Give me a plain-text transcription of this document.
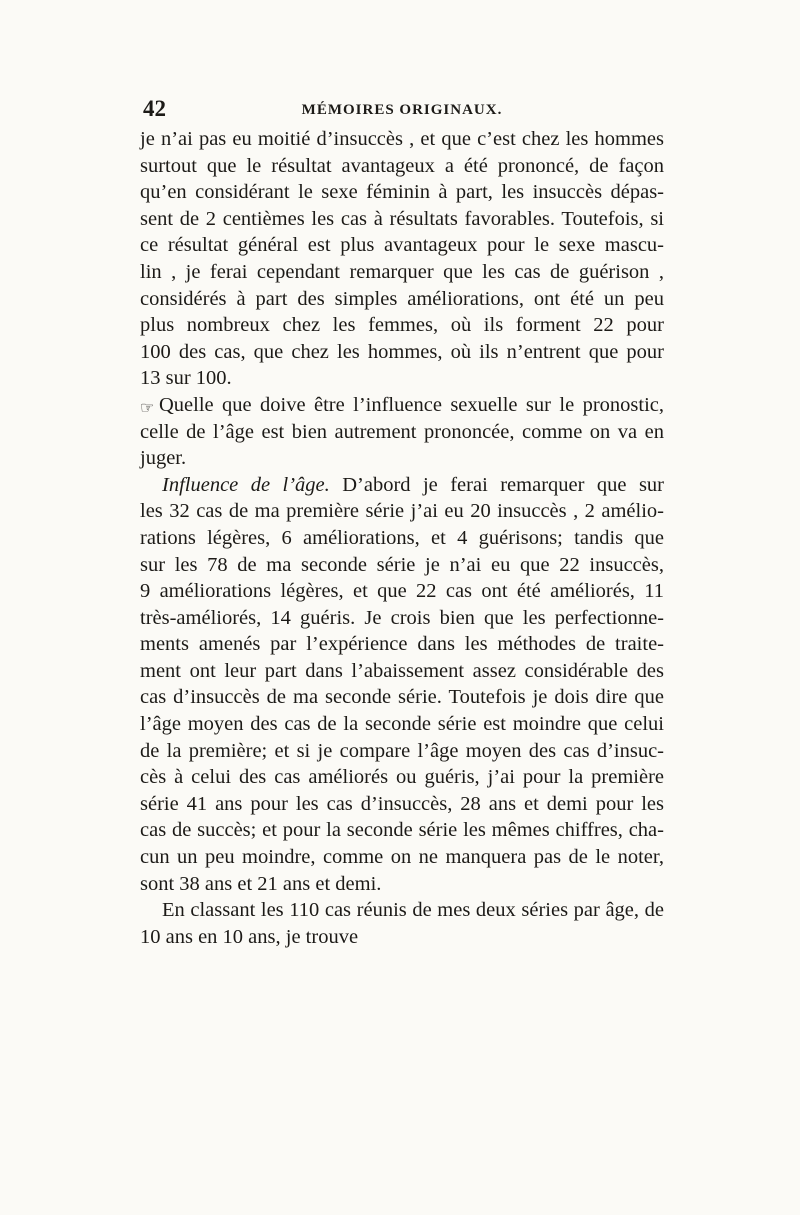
42	MÉMOIRES ORIGINAUX.
je n’ai pas eu moitié d’insuccès , et que c’est chez les hommes
surtout que le résultat avantageux a été prononcé, de façon
qu’en considérant le sexe féminin à part, les insuccès dépas-
sent de 2 centièmes les cas à résultats favorables. Toutefois, si
ce résultat général est plus avantageux pour le sexe mascu-
lin , je ferai cependant remarquer que les cas de guérison ,
considérés à part des simples améliorations, ont été un peu
plus nombreux chez les femmes, où ils forment 22 pour
100 des cas, que chez les hommes, où ils n’entrent que pour
13 sur 100.
☞ Quelle que doive être l’influence sexuelle sur le pronostic,
celle de l’âge est bien autrement prononcée, comme on va en
juger.
Influence de l’âge. D’abord je ferai remarquer que sur
les 32 cas de ma première série j’ai eu 20 insuccès , 2 amélio-
rations légères, 6 améliorations, et 4 guérisons; tandis que
sur les 78 de ma seconde série je n’ai eu que 22 insuccès,
9 améliorations légères, et que 22 cas ont été améliorés, 11
très-améliorés, 14 guéris. Je crois bien que les perfectionne-
ments amenés par l’expérience dans les méthodes de traite-
ment ont leur part dans l’abaissement assez considérable des
cas d’insuccès de ma seconde série. Toutefois je dois dire que
l’âge moyen des cas de la seconde série est moindre que celui
de la première; et si je compare l’âge moyen des cas d’insuc-
cès à celui des cas améliorés ou guéris, j’ai pour la première
série 41 ans pour les cas d’insuccès, 28 ans et demi pour les
cas de succès; et pour la seconde série les mêmes chiffres, cha-
cun un peu moindre, comme on ne manquera pas de le noter,
sont 38 ans et 21 ans et demi.
En classant les 110 cas réunis de mes deux séries par âge, de
10 ans en 10 ans, je trouve
